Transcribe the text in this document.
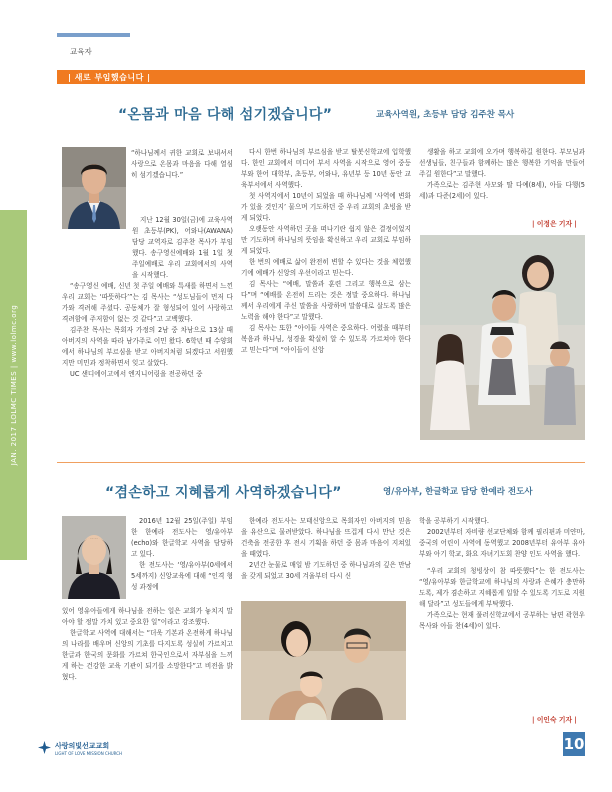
교육자
| 새로 부임했습니다 |
JAN. 2017 LOLMC TIMES | www.lolmc.org
“온몸과 마음 다해 섬기겠습니다”	교육사역원, 초등부 담당 김주찬 목사
“하나님께서 귀한 교회로 보내셔서 사랑으로 온몸과 마음을 다해 열심히 섬기겠습니다.”

지난 12월 30일(금)에 교육사역원 초등부(PK), 어와나(AWANA) 담당 교역자로 김주찬 목사가 부임했다. 송구영신예배와 1월 1일 첫 주일예배로 우리 교회에서의 사역을 시작했다.

“송구영신 예배, 신년 첫 주일 예배와 특새를 하면서 느낀 우리 교회는 ‘따뜻하다’”는 김 목사는 “성도님들이 먼저 다가와 격려해 주셨다. 공동체가 잘 형성되어 있어 사랑하고 격려함에 주저함이 없는 것 같다”고 고백했다.

김주찬 목사는 목회자 가정의 2남 중 차남으로 13살 때 아버지의 사역을 따라 남가주로 이민 왔다. 6학년 때 수양회에서 하나님의 부르심을 받고 아버지처럼 되겠다고 서원했지만 미민과 정착하면서 잊고 살았다.

UC 샌디에이고에서 엔지니어링을 전공하던 중

다시 한번 하나님의 부르심을 받고 탈봇신학교에 입학했다. 한인 교회에서 미디어 부서 사역을 시작으로 영어 중등부와 한어 대학부, 초등부, 어와나, 유년부 등 10년 동안 교육부서에서 사역했다.

첫 사역지에서 10년이 되었을 때 하나님께 ‘사역에 변화가 있을 것인지’ 물으며 기도하던 중 우리 교회의 초빙을 받게 되었다.

오랫동안 사역하던 곳을 떠나기란 쉽지 않은 결정이었지만 기도하며 하나님의 뜻임을 확신하고 우리 교회로 부임하게 되었다.

한 번의 예배로 삶이 완전히 변할 수 있다는 것을 체험했기에 예배가 신앙의 우선이라고 믿는다.

김 목사는 “예배, 말씀과 훈련 그리고 행복으로 삼는다”며 “예배를 온전히 드리는 것은 정말 중요하다. 하나님께서 우리에게 주신 말씀을 사랑하며 말씀대로 살도록 많은 노력을 해야 한다”고 말했다.

김 목사는 또한 “아이들 사역은 중요하다. 어렸을 때부터 복음과 하나님, 성경을 확실히 알 수 있도록 가르쳐야 한다고 믿는다”며 “아이들이 신앙

생활을 하고 교회에 오가며 행복하길 원한다. 부모님과 선생님들, 친구들과 함께하는 많은 행복한 기억을 만들어 주길 원한다”고 말했다.

가족으로는 김주현 사모와 딸 다예(8세), 아들 다행(5세)과 다준(2세)이 있다.

| 이정은 기자 |
“겸손하고 지혜롭게 사역하겠습니다”	영/유아부, 한글학교 담당 한예라 전도사

2016년 12월 25일(주일) 부임한 한예라 전도사는 영/유아부(echo)와 한글학교 사역을 담당하고 있다.

한 전도사는 ‘영/유아부(0세에서 5세까지) 신앙교육에 대해 “인격 형성 과정에

있어 영유아들에게 하나님을 전하는 일은 교회가 놓치지 말아야 할 정말 가치 있고 중요한 일”이라고 강조했다.

한글학교 사역에 대해서는 “더욱 기본과 온전하게 하나님의 나라를 배우며 신앙의 기초를 다지도록 성실히 가르치고 한글과 한국의 문화를 가르쳐 한국인으로서 자부심을 느끼게 하는 건강한 교육 기관이 되기를 소망한다”고 비전을 밝혔다.

한예라 전도사는 모태신앙으로 목회자인 아버지의 믿음을 유산으로 물려받았다. 하나님을 뜨겁게 다시 만난 것은 건축을 전공한 후 전시 기획을 하던 중 몸과 마음이 지쳐있을 때였다.

2년간 눈물로 매일 밤 기도하던 중 하나님과의 깊은 만남을 갖게 되었고 30세 겨울부터 다시 신

학을 공부하기 시작했다.

2002년부터 자비량 선교단체와 함께 필리핀과 미얀마, 중국의 어린이 사역에 동역했고 2008년부터 유아부 유아부와 아기 학교, 화요 자녀기도회 찬양 인도 사역을 했다.

“우리 교회의 청빙상이 참 따뜻했다”는 한 전도사는 “영/유아부와 한글학교에 하나님의 사랑과 은혜가 충만하도록, 제가 겸손하고 지혜롭게 일할 수 있도록 기도로 지원해 달라”고 성도들에게 부탁했다.

가족으로는 현재 풀러신학교에서 공부하는 남편 곽현우 목사와 아들 찬(4세)이 있다.

| 이인숙 기자 |
사랑의빛선교교회
LIGHT OF LOVE MISSION CHURCH
10
